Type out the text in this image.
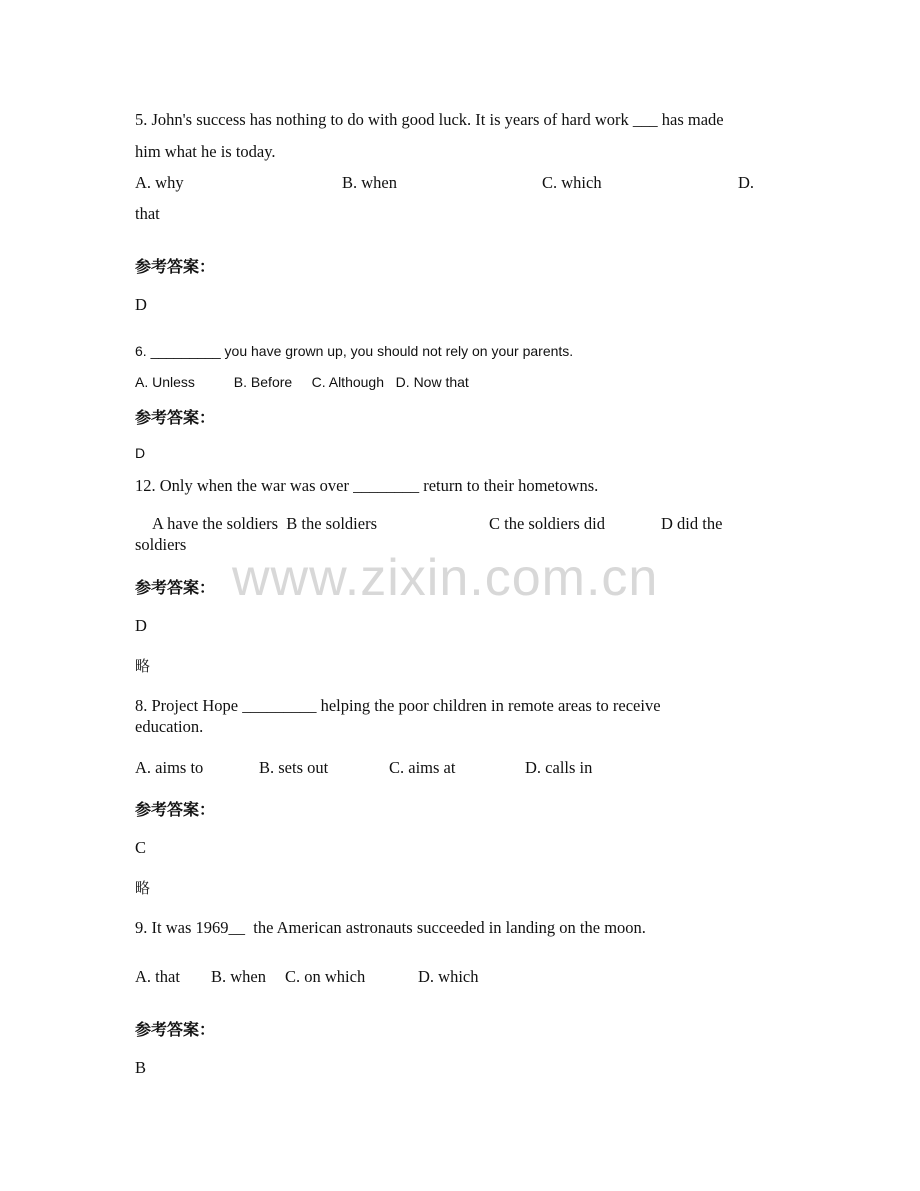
www.zixin.com.cn
5. John's success has nothing to do with good luck. It is years of hard work ___ has made
him what he is today.
A. why	B. when	C. which	D.
that
参考答案：
D
6. _________ you have grown up, you should not rely on your parents.
A. Unless          B. Before     C. Although   D. Now that
参考答案：
D
12. Only when the war was over ________ return to their hometowns.
A have the soldiers  B the soldiers	C the soldiers did	D did the
soldiers
参考答案：
D
略
8. Project Hope _________ helping the poor children in remote areas to receive
education.
A. aims to	B. sets out	C. aims at	D. calls in
参考答案：
C
略
9. It was 1969__  the American astronauts succeeded in landing on the moon.
A. that B. when C. on which	D. which
参考答案：
B
